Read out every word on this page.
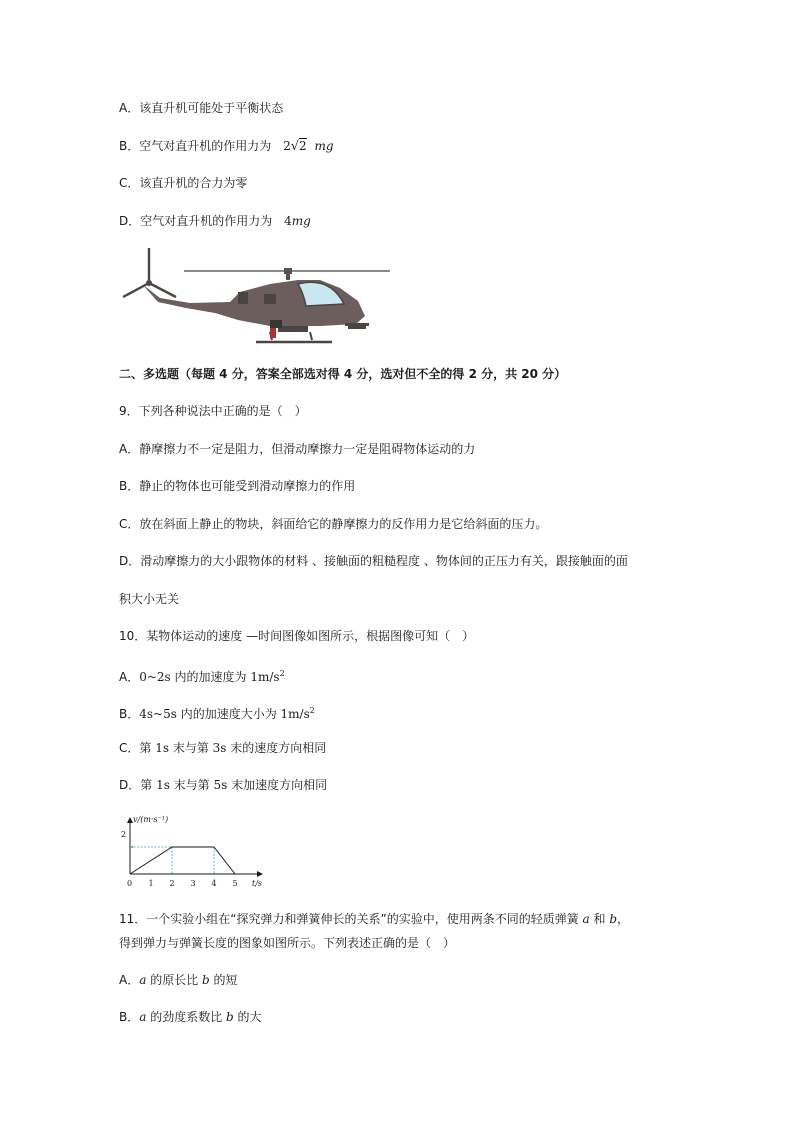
A．该直升机可能处于平衡状态
B．空气对直升机的作用力为 2√2 mg
C．该直升机的合力为零
D．空气对直升机的作用力为 4mg
二、多选题（每题 4 分，答案全部选对得 4 分，选对但不全的得 2 分，共 20 分）
9．下列各种说法中正确的是（　）
A．静摩擦力不一定是阻力，但滑动摩擦力一定是阻碍物体运动的力
B．静止的物体也可能受到滑动摩擦力的作用
C．放在斜面上静止的物块，斜面给它的静摩擦力的反作用力是它给斜面的压力。
D．滑动摩擦力的大小跟物体的材料 、接触面的粗糙程度 、物体间的正压力有关，跟接触面的面
积大小无关
10．某物体运动的速度 —时间图像如图所示，根据图像可知（　）
A．0~2s 内的加速度为 $1m/s^2$
B．4s~5s 内的加速度大小为 $1m/s^2$
C．第 1s 末与第 3s 末的速度方向相同
D．第 1s 末与第 5s 末加速度方向相同
v/(m·s⁻¹)
t/s
2
0 1 2 3 4 5
11．一个实验小组在“探究弹力和弹簧伸长的关系”的实验中，使用两条不同的轻质弹簧 a 和 b，
得到弹力与弹簧长度的图象如图所示。下列表述正确的是（　）
A．a 的原长比 b 的短
B．a 的劲度系数比 b 的大
